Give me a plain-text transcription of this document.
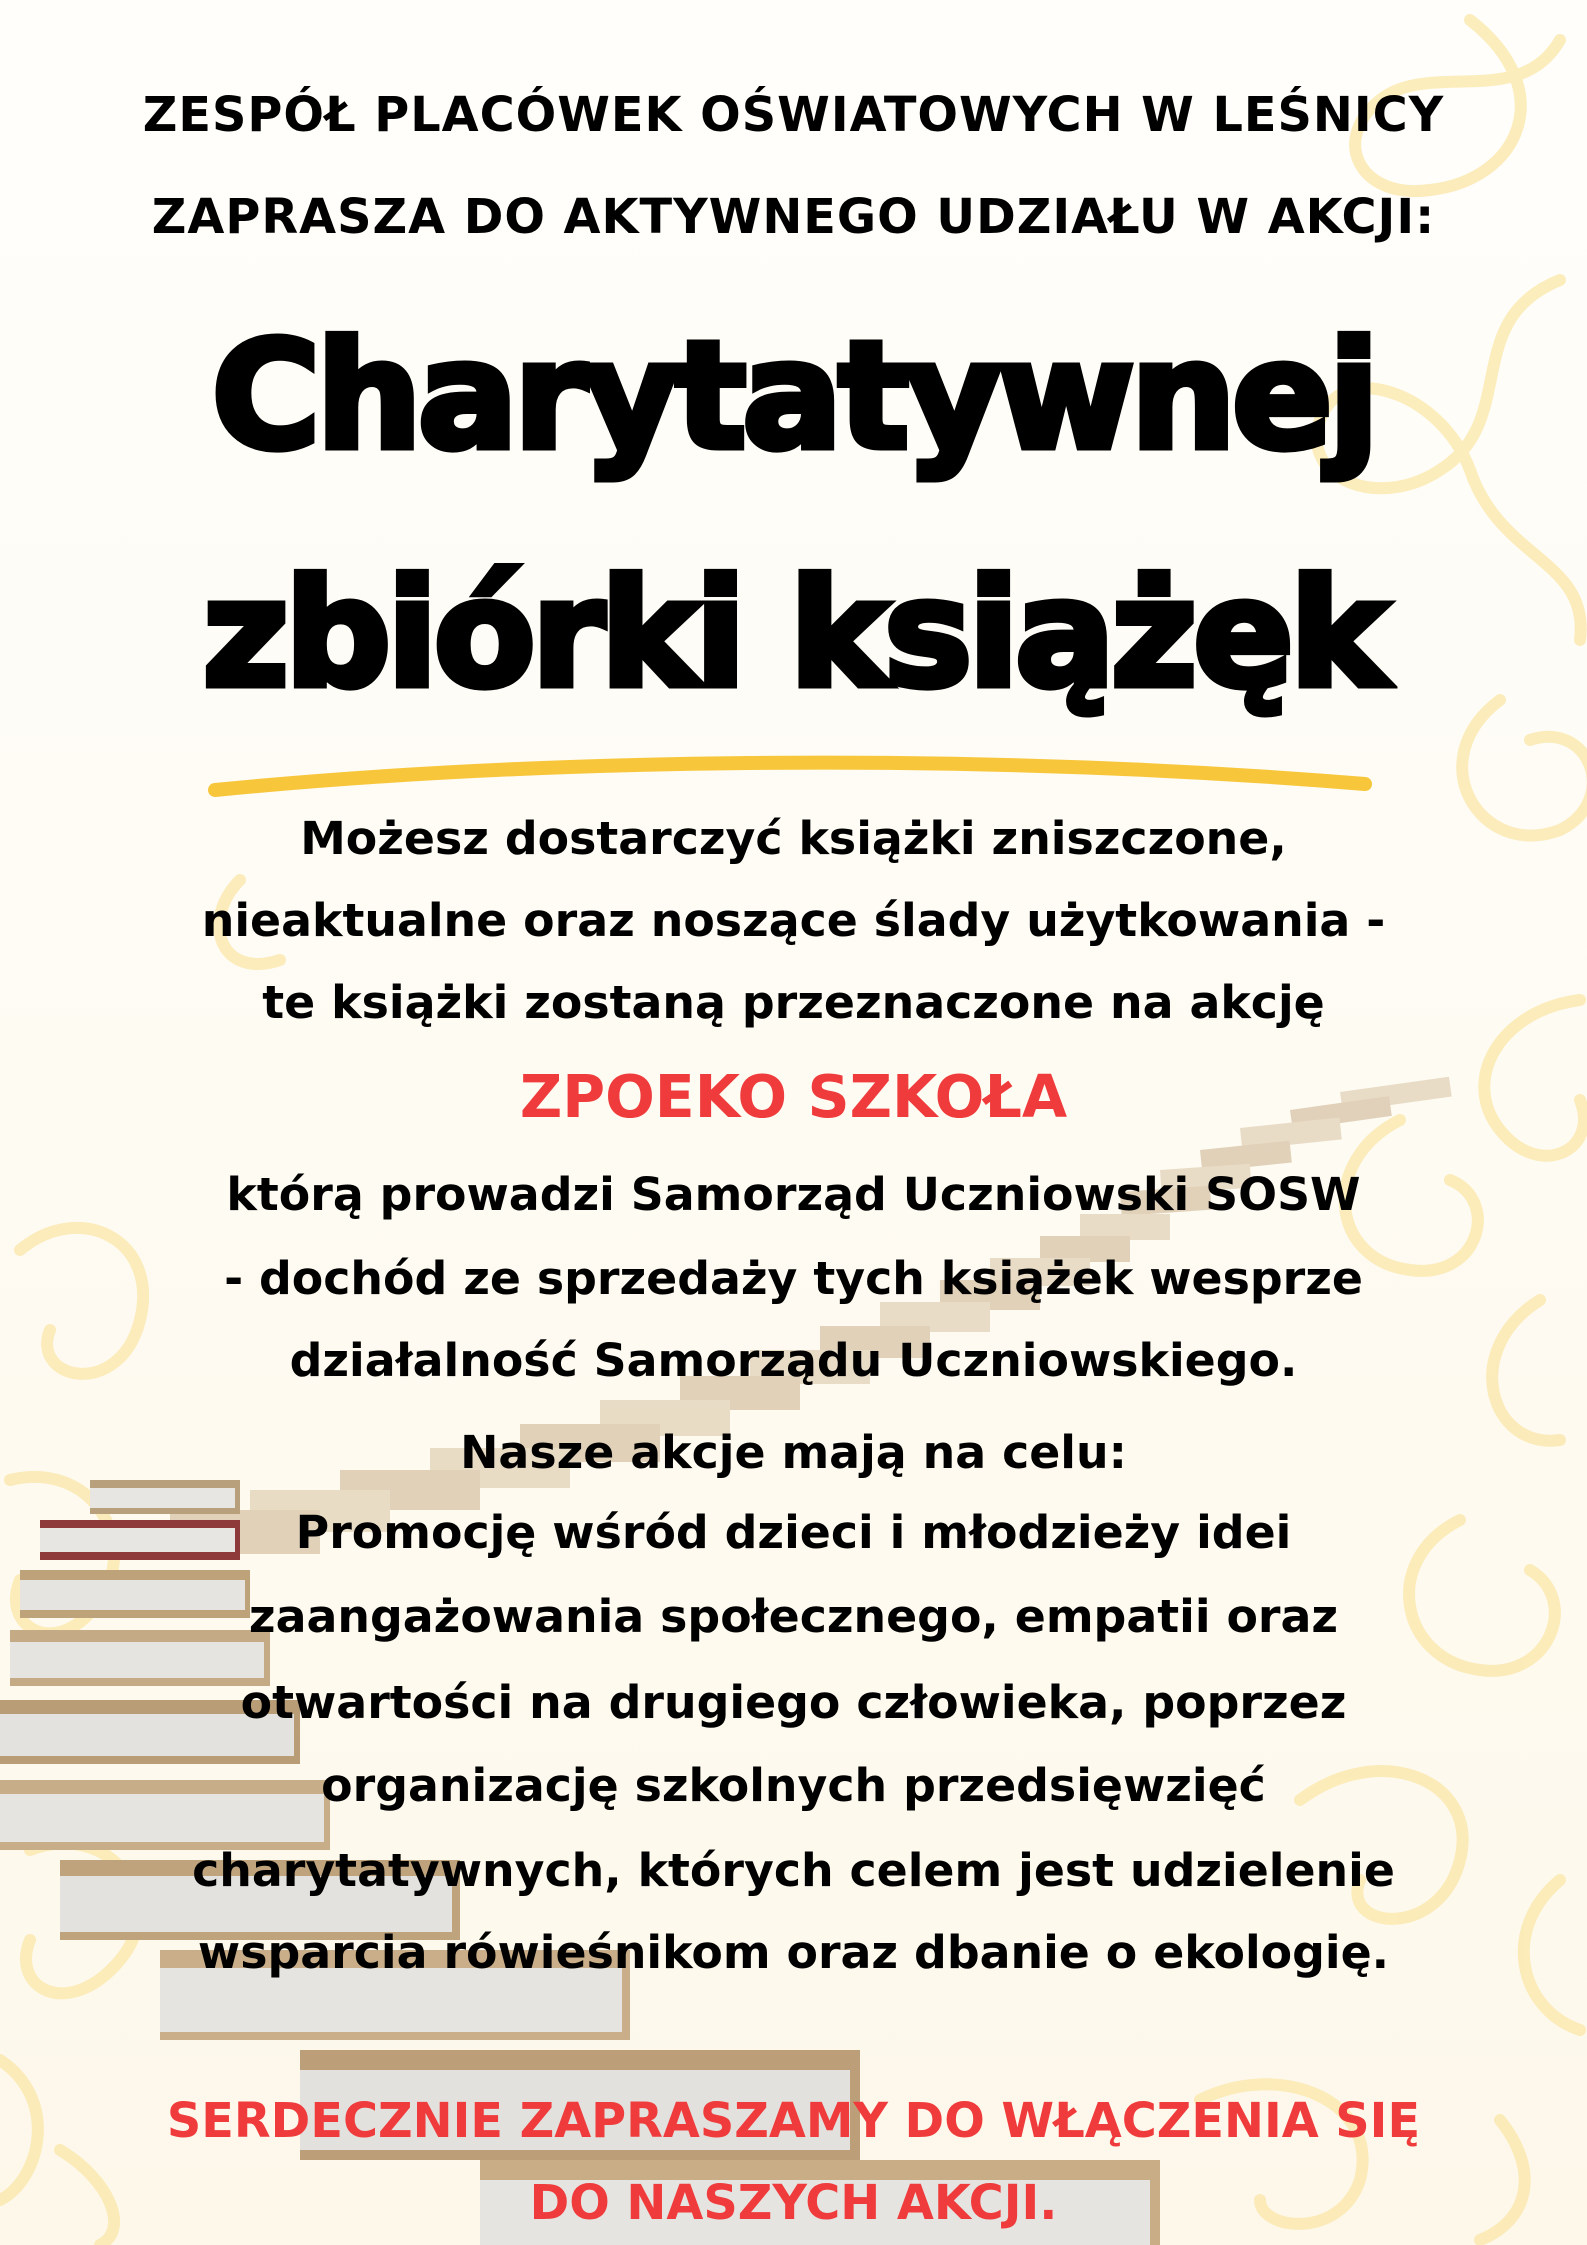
ZESPÓŁ PLACÓWEK OŚWIATOWYCH W LEŚNICY
ZAPRASZA DO AKTYWNEGO UDZIAŁU W AKCJI:
Charytatywnej
zbiórki książęk
Możesz dostarczyć książki zniszczone,
nieaktualne oraz noszące ślady użytkowania -
te książki zostaną przeznaczone na akcję
ZPOEKO SZKOŁA
którą prowadzi Samorząd Uczniowski SOSW
- dochód ze sprzedaży tych książek wesprze
działalność Samorządu Uczniowskiego.
Nasze akcje mają na celu:
Promocję wśród dzieci i młodzieży idei
zaangażowania społecznego, empatii oraz
otwartości na drugiego człowieka, poprzez
organizację szkolnych przedsięwzięć
charytatywnych, których celem jest udzielenie
wsparcia rówieśnikom oraz dbanie o ekologię.
SERDECZNIE ZAPRASZAMY DO WŁĄCZENIA SIĘ
DO NASZYCH AKCJI.
